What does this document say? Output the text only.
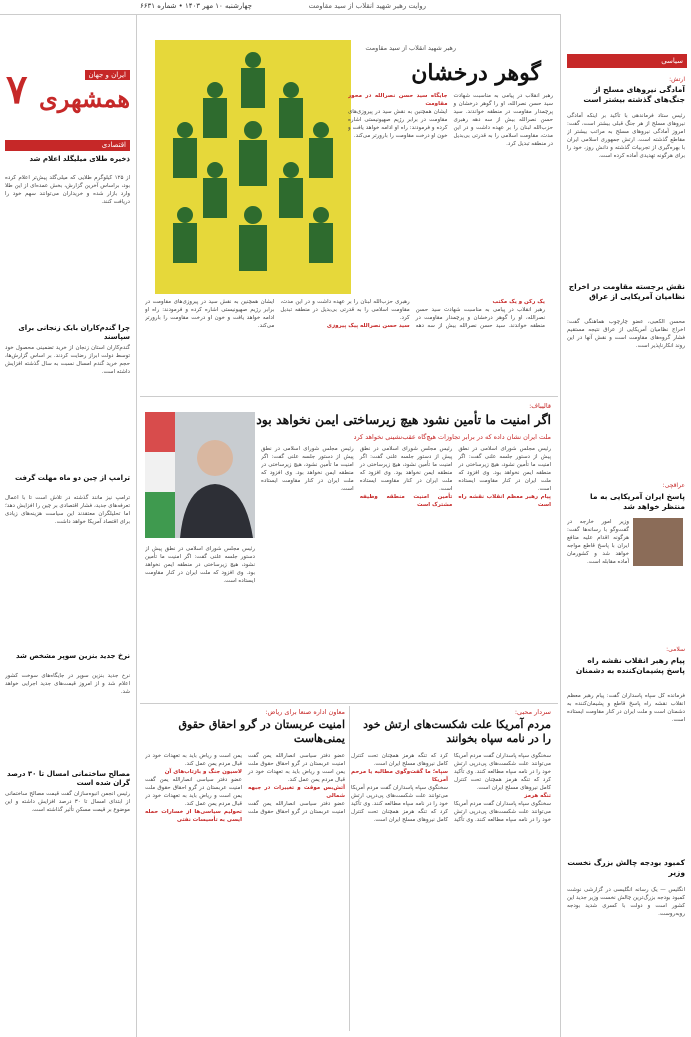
چهارشنبه ۱۰ مهر ۱۴۰۳ • شماره ۶۶۳۱	روایت رهبر شهید انقلاب از سید مقاومت
سیاسی
ارتش:
آمادگی نیروهای مسلح از جنگ‌های گذشته بیشتر است
رئیس ستاد فرماندهی با تأکید بر اینکه آمادگی نیروهای مسلح از هر جنگ قبلی بیشتر است، گفت: امروز آمادگی نیروهای مسلح به مراتب بیشتر از مقاطع گذشته است. ارتش جمهوری اسلامی ایران با بهره‌گیری از تجربیات گذشته و دانش روز، خود را برای هرگونه تهدیدی آماده کرده است.
نقش برجسته مقاومت در اخراج نظامیان آمریکایی از عراق
محسن الکعبی، عضو چارچوب هماهنگی گفت: اخراج نظامیان آمریکایی از عراق نتیجه مستقیم فشار گروه‌های مقاومت است و نقش آنها در این روند انکارناپذیر است.
عراقچی:
پاسخ ایران آمریکایی به ما منتظر خواهد شد
وزیر امور خارجه در گفت‌وگو با رسانه‌ها گفت: هرگونه اقدام علیه منافع ایران با پاسخ قاطع مواجه خواهد شد و کشورمان آماده مقابله است.
سلامی:
پیام رهبر انقلاب نقشه راه پاسخ پشیمان‌کننده به دشمنان
فرمانده کل سپاه پاسداران گفت: پیام رهبر معظم انقلاب نقشه راه پاسخ قاطع و پشیمان‌کننده به دشمنان است و ملت ایران در کنار مقاومت ایستاده است.
کمبود بودجه چالش بزرگ نخست وزیر
انگلیس — یک رسانه انگلیسی در گزارشی نوشت کمبود بودجه بزرگ‌ترین چالش نخست وزیر جدید این کشور است و دولت با کسری شدید بودجه روبه‌روست.
۷	ایران و جهان
همشهری
اقتصادی
ذخیره طلای میلیگلد اعلام شد
از ۱۲۵ کیلوگرم طلایی که میلی‌گلد پیش‌تر اعلام کرده بود، براساس آخرین گزارش، بخش عمده‌ای از این طلا وارد بازار شده و خریداران می‌توانند سهم خود را دریافت کنند.
چرا گندم‌کاران بایک زنجانی برای سپاسند
گندم‌کاران استان زنجان از خرید تضمینی محصول خود توسط دولت ابراز رضایت کردند. بر اساس گزارش‌ها، حجم خرید گندم امسال نسبت به سال گذشته افزایش داشته است.
ترامپ از چین دو ماه مهلت گرفت
ترامپ نیز مانند گذشته در تلاش است تا با اعمال تعرفه‌های جدید، فشار اقتصادی بر چین را افزایش دهد؛ اما تحلیلگران معتقدند این سیاست هزینه‌های زیادی برای اقتصاد آمریکا خواهد داشت.
نرخ جدید بنزین سوپر مشخص شد
نرخ جدید بنزین سوپر در جایگاه‌های سوخت کشور اعلام شد و از امروز قیمت‌های جدید اجرایی خواهد شد.
مصالح ساختمانی امسال تا ۳۰ درصد گران شده است
رئیس انجمن انبوه‌سازان گفت قیمت مصالح ساختمانی از ابتدای امسال تا ۳۰ درصد افزایش داشته و این موضوع بر قیمت مسکن تأثیر گذاشته است.
رهبر شهید انقلاب از سید مقاومت
گوهر درخشان
رهبر انقلاب در پیامی به مناسبت شهادت سید حسن نصرالله، او را گوهر درخشان و پرچمدار مقاومت در منطقه خواندند. سید حسن نصرالله بیش از سه دهه رهبری حزب‌الله لبنان را بر عهده داشت و در این مدت، مقاومت اسلامی را به قدرتی بی‌بدیل در منطقه تبدیل کرد.
جایگاه سید حسن نصرالله در محور مقاومت
ایشان همچنین به نقش سید در پیروزی‌های مقاومت در برابر رژیم صهیونیستی اشاره کرده و فرمودند: راه او ادامه خواهد یافت و خون او درخت مقاومت را بارورتر می‌کند.
یک رکن و یک مکتب
رهبر انقلاب در پیامی به مناسبت شهادت سید حسن نصرالله، او را گوهر درخشان و پرچمدار مقاومت در منطقه خواندند. سید حسن نصرالله بیش از سه دهه رهبری حزب‌الله لبنان را بر عهده داشت و در این مدت، مقاومت اسلامی را به قدرتی بی‌بدیل در منطقه تبدیل کرد.
سید حسن نصرالله پیک پیروزی
ایشان همچنین به نقش سید در پیروزی‌های مقاومت در برابر رژیم صهیونیستی اشاره کرده و فرمودند: راه او ادامه خواهد یافت و خون او درخت مقاومت را بارورتر می‌کند.
قالیباف:
اگر امنیت ما تأمین نشود هیچ زیرساختی ایمن نخواهد بود
ملت ایران نشان داده که در برابر تجاوزات هیچ‌گاه عقب‌نشینی نخواهد کرد
رئیس مجلس شورای اسلامی در نطق پیش از دستور جلسه علنی گفت: اگر امنیت ما تأمین نشود، هیچ زیرساختی در منطقه ایمن نخواهد بود. وی افزود که ملت ایران در کنار مقاومت ایستاده است.
پیام رهبر معظم انقلاب نقشه راه است
رئیس مجلس شورای اسلامی در نطق پیش از دستور جلسه علنی گفت: اگر امنیت ما تأمین نشود، هیچ زیرساختی در منطقه ایمن نخواهد بود. وی افزود که ملت ایران در کنار مقاومت ایستاده است.
تأمین امنیت منطقه وظیفه مشترک است
رئیس مجلس شورای اسلامی در نطق پیش از دستور جلسه علنی گفت: اگر امنیت ما تأمین نشود، هیچ زیرساختی در منطقه ایمن نخواهد بود. وی افزود که ملت ایران در کنار مقاومت ایستاده است.
رئیس مجلس شورای اسلامی در نطق پیش از دستور جلسه علنی گفت: اگر امنیت ما تأمین نشود، هیچ زیرساختی در منطقه ایمن نخواهد بود. وی افزود که ملت ایران در کنار مقاومت ایستاده است.
سردار محبی:
مردم آمریکا علت شکست‌های ارتش خود را در نامه سپاه بخوانند
سخنگوی سپاه پاسداران گفت مردم آمریکا می‌توانند علت شکست‌های پی‌درپی ارتش خود را در نامه سپاه مطالعه کنند. وی تأکید کرد که تنگه هرمز همچنان تحت کنترل کامل نیروهای مسلح ایران است.
تنگه هرمز
سخنگوی سپاه پاسداران گفت مردم آمریکا می‌توانند علت شکست‌های پی‌درپی ارتش خود را در نامه سپاه مطالعه کنند. وی تأکید کرد که تنگه هرمز همچنان تحت کنترل کامل نیروهای مسلح ایران است.
سپاه؛ ما گفت‌وگوی مطالبه یا مرحم آمریکا
سخنگوی سپاه پاسداران گفت مردم آمریکا می‌توانند علت شکست‌های پی‌درپی ارتش خود را در نامه سپاه مطالعه کنند. وی تأکید کرد که تنگه هرمز همچنان تحت کنترل کامل نیروهای مسلح ایران است.
معاون اداره صنعا برای ریاض:
امنیت عربستان در گرو احقاق حقوق یمنی‌هاست
عضو دفتر سیاسی انصارالله یمن گفت امنیت عربستان در گرو احقاق حقوق ملت یمن است و ریاض باید به تعهدات خود در قبال مردم یمن عمل کند.
آتش‌بس موقت و تغییرات در جبهه شمالی
عضو دفتر سیاسی انصارالله یمن گفت امنیت عربستان در گرو احقاق حقوق ملت یمن است و ریاض باید به تعهدات خود در قبال مردم یمن عمل کند.
لاسیون جنگ و بازتاب‌های آن
عضو دفتر سیاسی انصارالله یمن گفت امنیت عربستان در گرو احقاق حقوق ملت یمن است و ریاض باید به تعهدات خود در قبال مردم یمن عمل کند.
تحولیم سیاسی‌ها از خسارات حمله ایسی به تأسیسات نفتی
